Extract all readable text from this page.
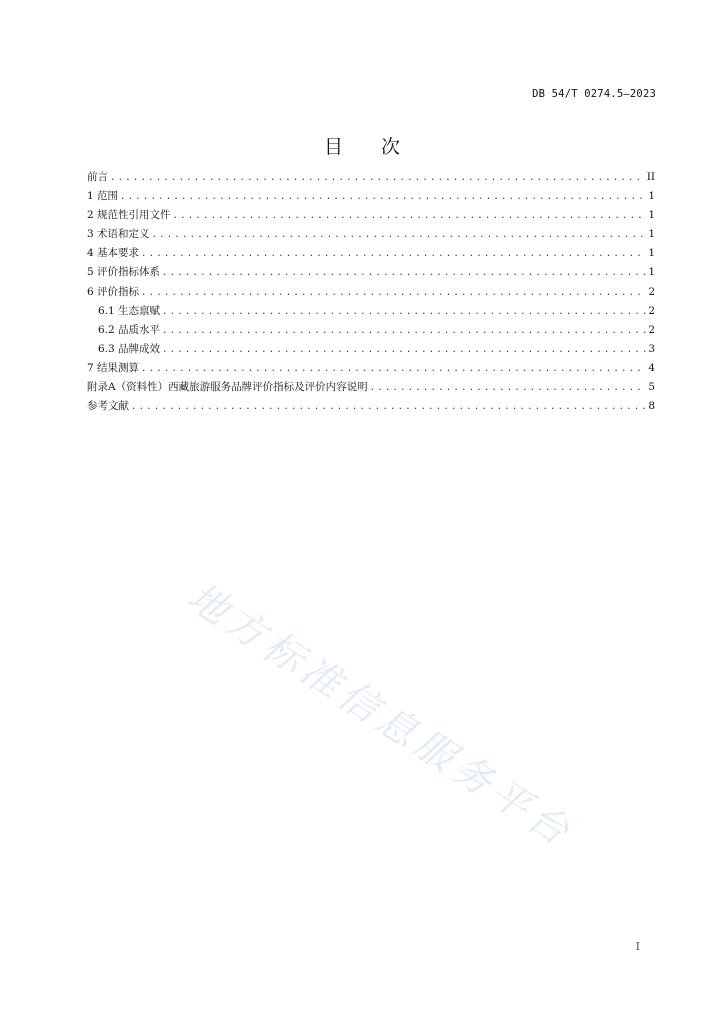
DB 54/T 0274.5—2023
目 次
前言 .....	II
1 范围 .....	1
2 规范性引用文件 .....	1
3 术语和定义 .....	1
4 基本要求 .....	1
5 评价指标体系 .....	1
6 评价指标 .....	2
6.1 生态禀赋 .....	2
6.2 品质水平 .....	2
6.3 品牌成效 .....	3
7 结果测算 .....	4
附录A（资料性）西藏旅游服务品牌评价指标及评价内容说明 .....	5
参考文献 .....	8
地方标准信息服务平台
I
